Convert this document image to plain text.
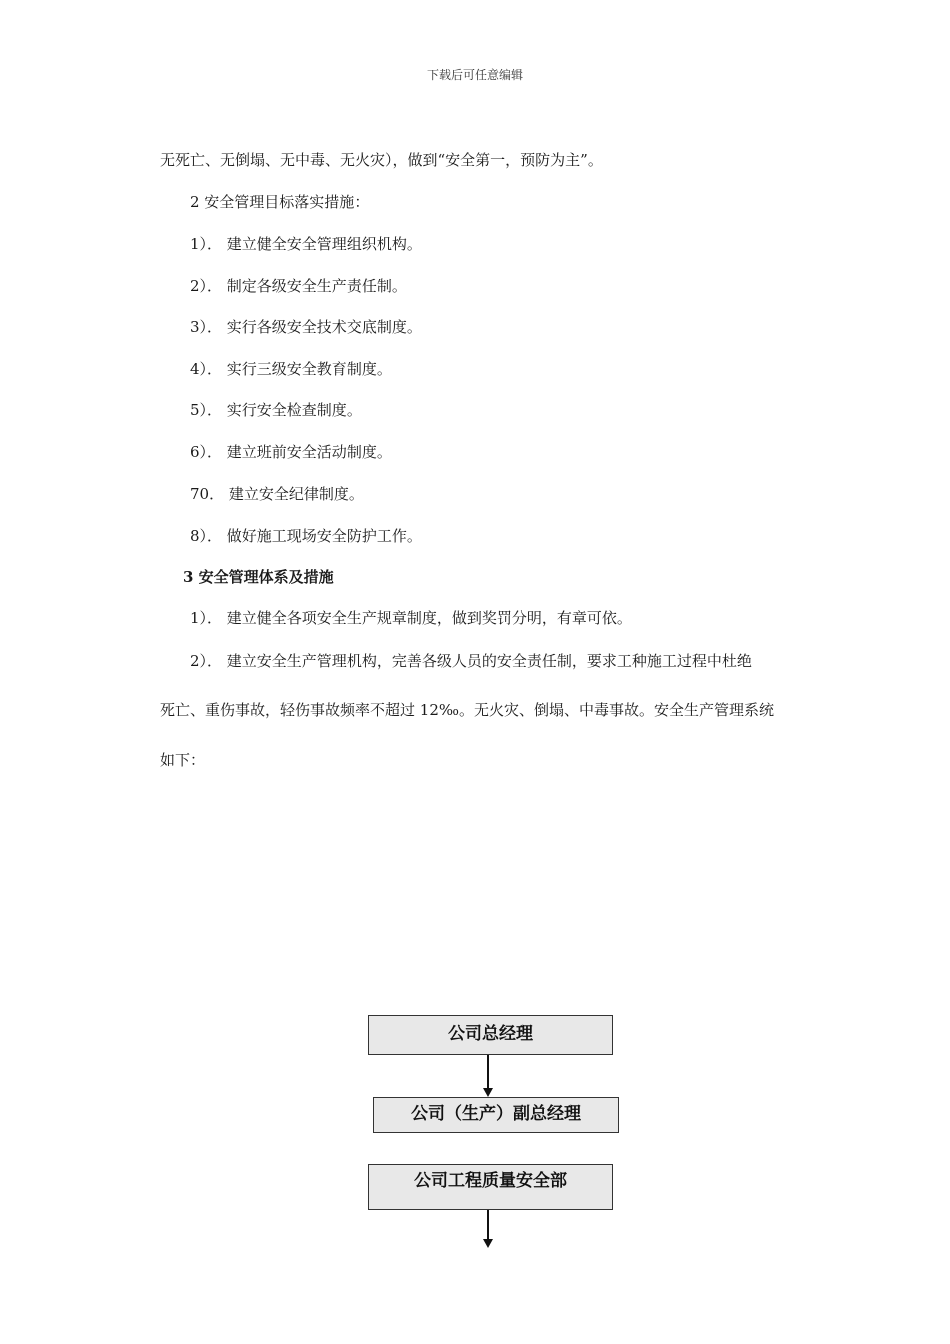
下载后可任意编辑
无死亡、无倒塌、无中毒、无火灾），做到“安全第一，预防为主”。
2 安全管理目标落实措施：
1）． 建立健全安全管理组织机构。
2）． 制定各级安全生产责任制。
3）． 实行各级安全技术交底制度。
4）． 实行三级安全教育制度。
5）． 实行安全检查制度。
6）． 建立班前安全活动制度。
70． 建立安全纪律制度。
8）． 做好施工现场安全防护工作。
3 安全管理体系及措施
1）． 建立健全各项安全生产规章制度，做到奖罚分明，有章可依。
2）． 建立安全生产管理机构，完善各级人员的安全责任制，要求工种施工过程中杜绝
死亡、重伤事故，轻伤事故频率不超过 12‰。无火灾、倒塌、中毒事故。安全生产管理系统
如下：
公司总经理
公司（生产）副总经理
公司工程质量安全部
